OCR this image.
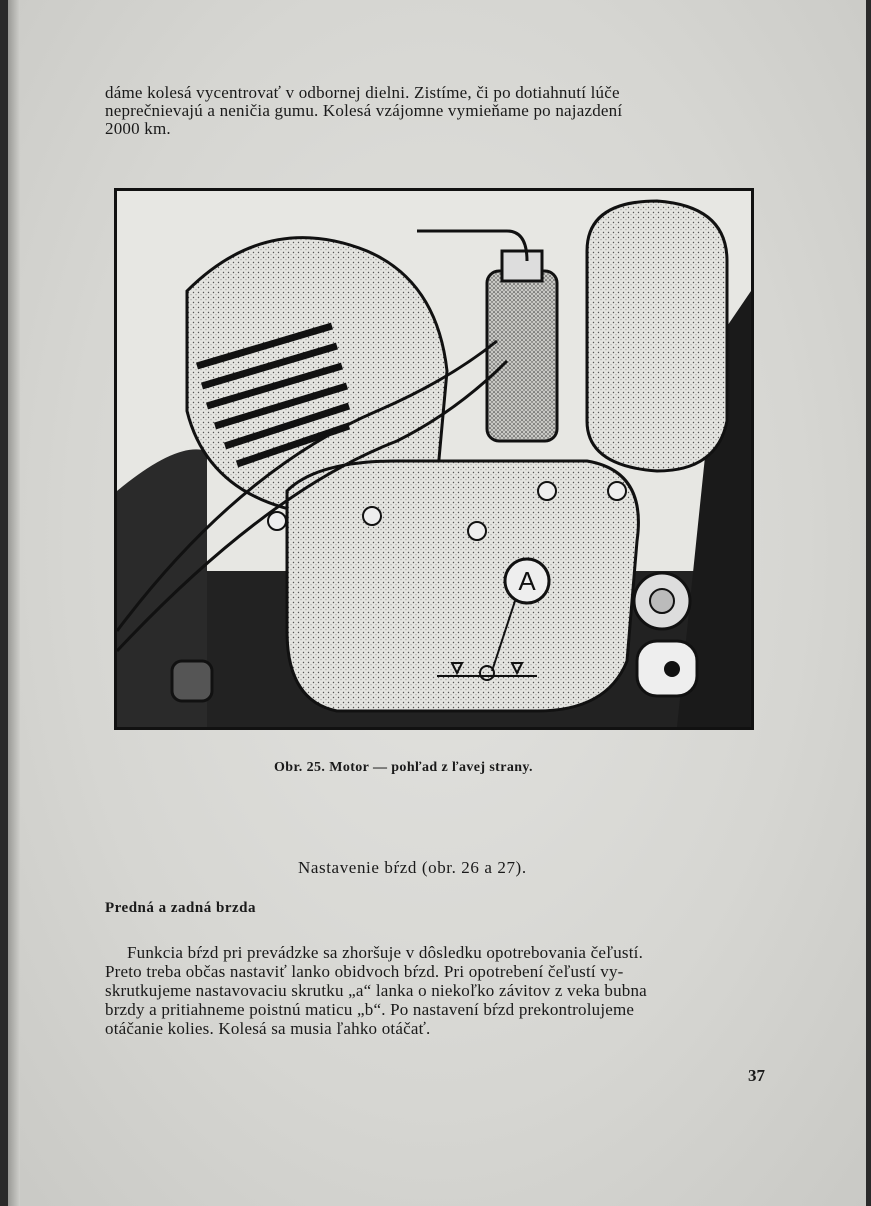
dáme kolesá vycentrovať v odbornej dielni. Zistíme, či po dotiahnutí lúče
neprečnievajú a neničia gumu. Kolesá vzájomne vymieňame po najazdení
2000 km.
A
Obr. 25. Motor — pohľad z ľavej strany.
Nastavenie bŕzd (obr. 26 a 27).
Predná a zadná brzda
Funkcia bŕzd pri prevádzke sa zhoršuje v dôsledku opotrebovania čeľustí.
Preto treba občas nastaviť lanko obidvoch bŕzd. Pri opotrebení čeľustí vy-
skrutkujeme nastavovaciu skrutku „a“ lanka o niekoľko závitov z veka bubna
brzdy a pritiahneme poistnú maticu „b“. Po nastavení bŕzd prekontrolujeme
otáčanie kolies. Kolesá sa musia ľahko otáčať.
37
